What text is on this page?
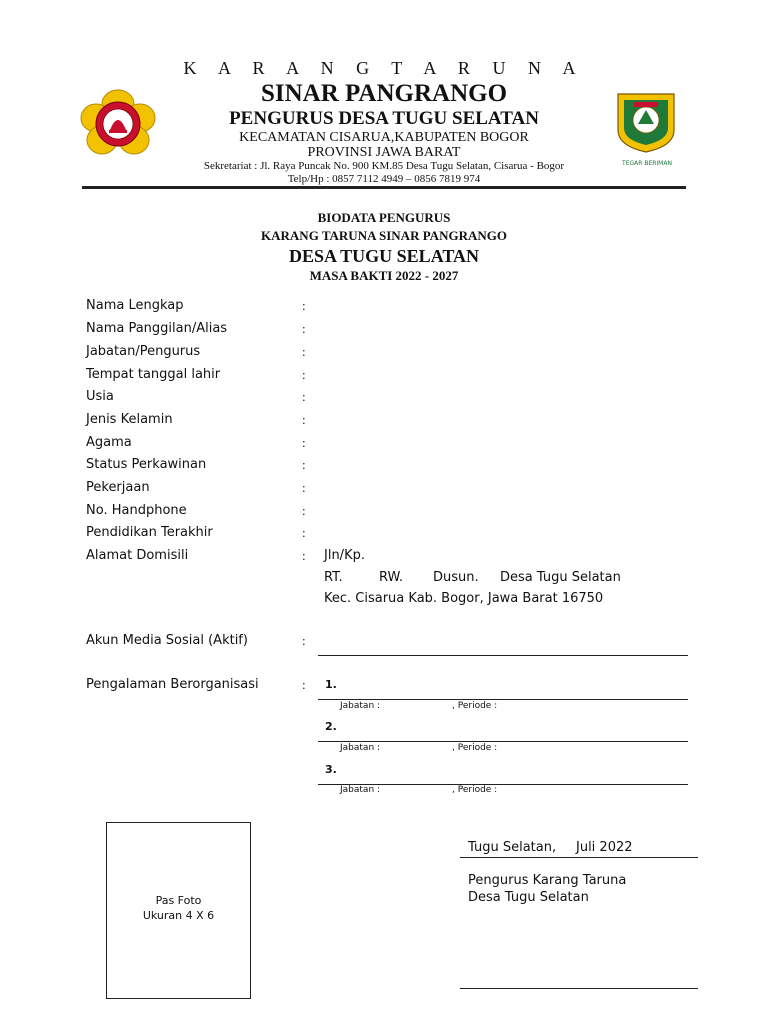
TEGAR BERIMAN
K A R A N G T A R U N A
SINAR PANGRANGO
PENGURUS DESA TUGU SELATAN
KECAMATAN CISARUA,KABUPATEN BOGOR
PROVINSI JAWA BARAT
Sekretariat : Jl. Raya Puncak No. 900 KM.85 Desa Tugu Selatan, Cisarua - Bogor
Telp/Hp : 0857 7112 4949 – 0856 7819 974
BIODATA PENGURUS
KARANG TARUNA SINAR PANGRANGO
DESA TUGU SELATAN
MASA BAKTI 2022 - 2027
Nama Lengkap	:
Nama Panggilan/Alias	:
Jabatan/Pengurus	:
Tempat tanggal lahir	:
Usia	:
Jenis Kelamin	:
Agama	:
Status Perkawinan	:
Pekerjaan	:
No. Handphone	:
Pendidikan Terakhir	:
Alamat Domisili	: Jln/Kp.
RT.	RW. Dusun. Desa Tugu Selatan
Kec. Cisarua Kab. Bogor, Jawa Barat 16750
Akun Media Sosial (Aktif)	:
Pengalaman Berorganisasi	: 1.
Jabatan :	, Periode :
2.
Jabatan :	, Periode :
3.
Jabatan :	, Periode :
Pas Foto
Ukuran 4 X 6
Tugu Selatan, Juli 2022
Pengurus Karang Taruna
Desa Tugu Selatan
